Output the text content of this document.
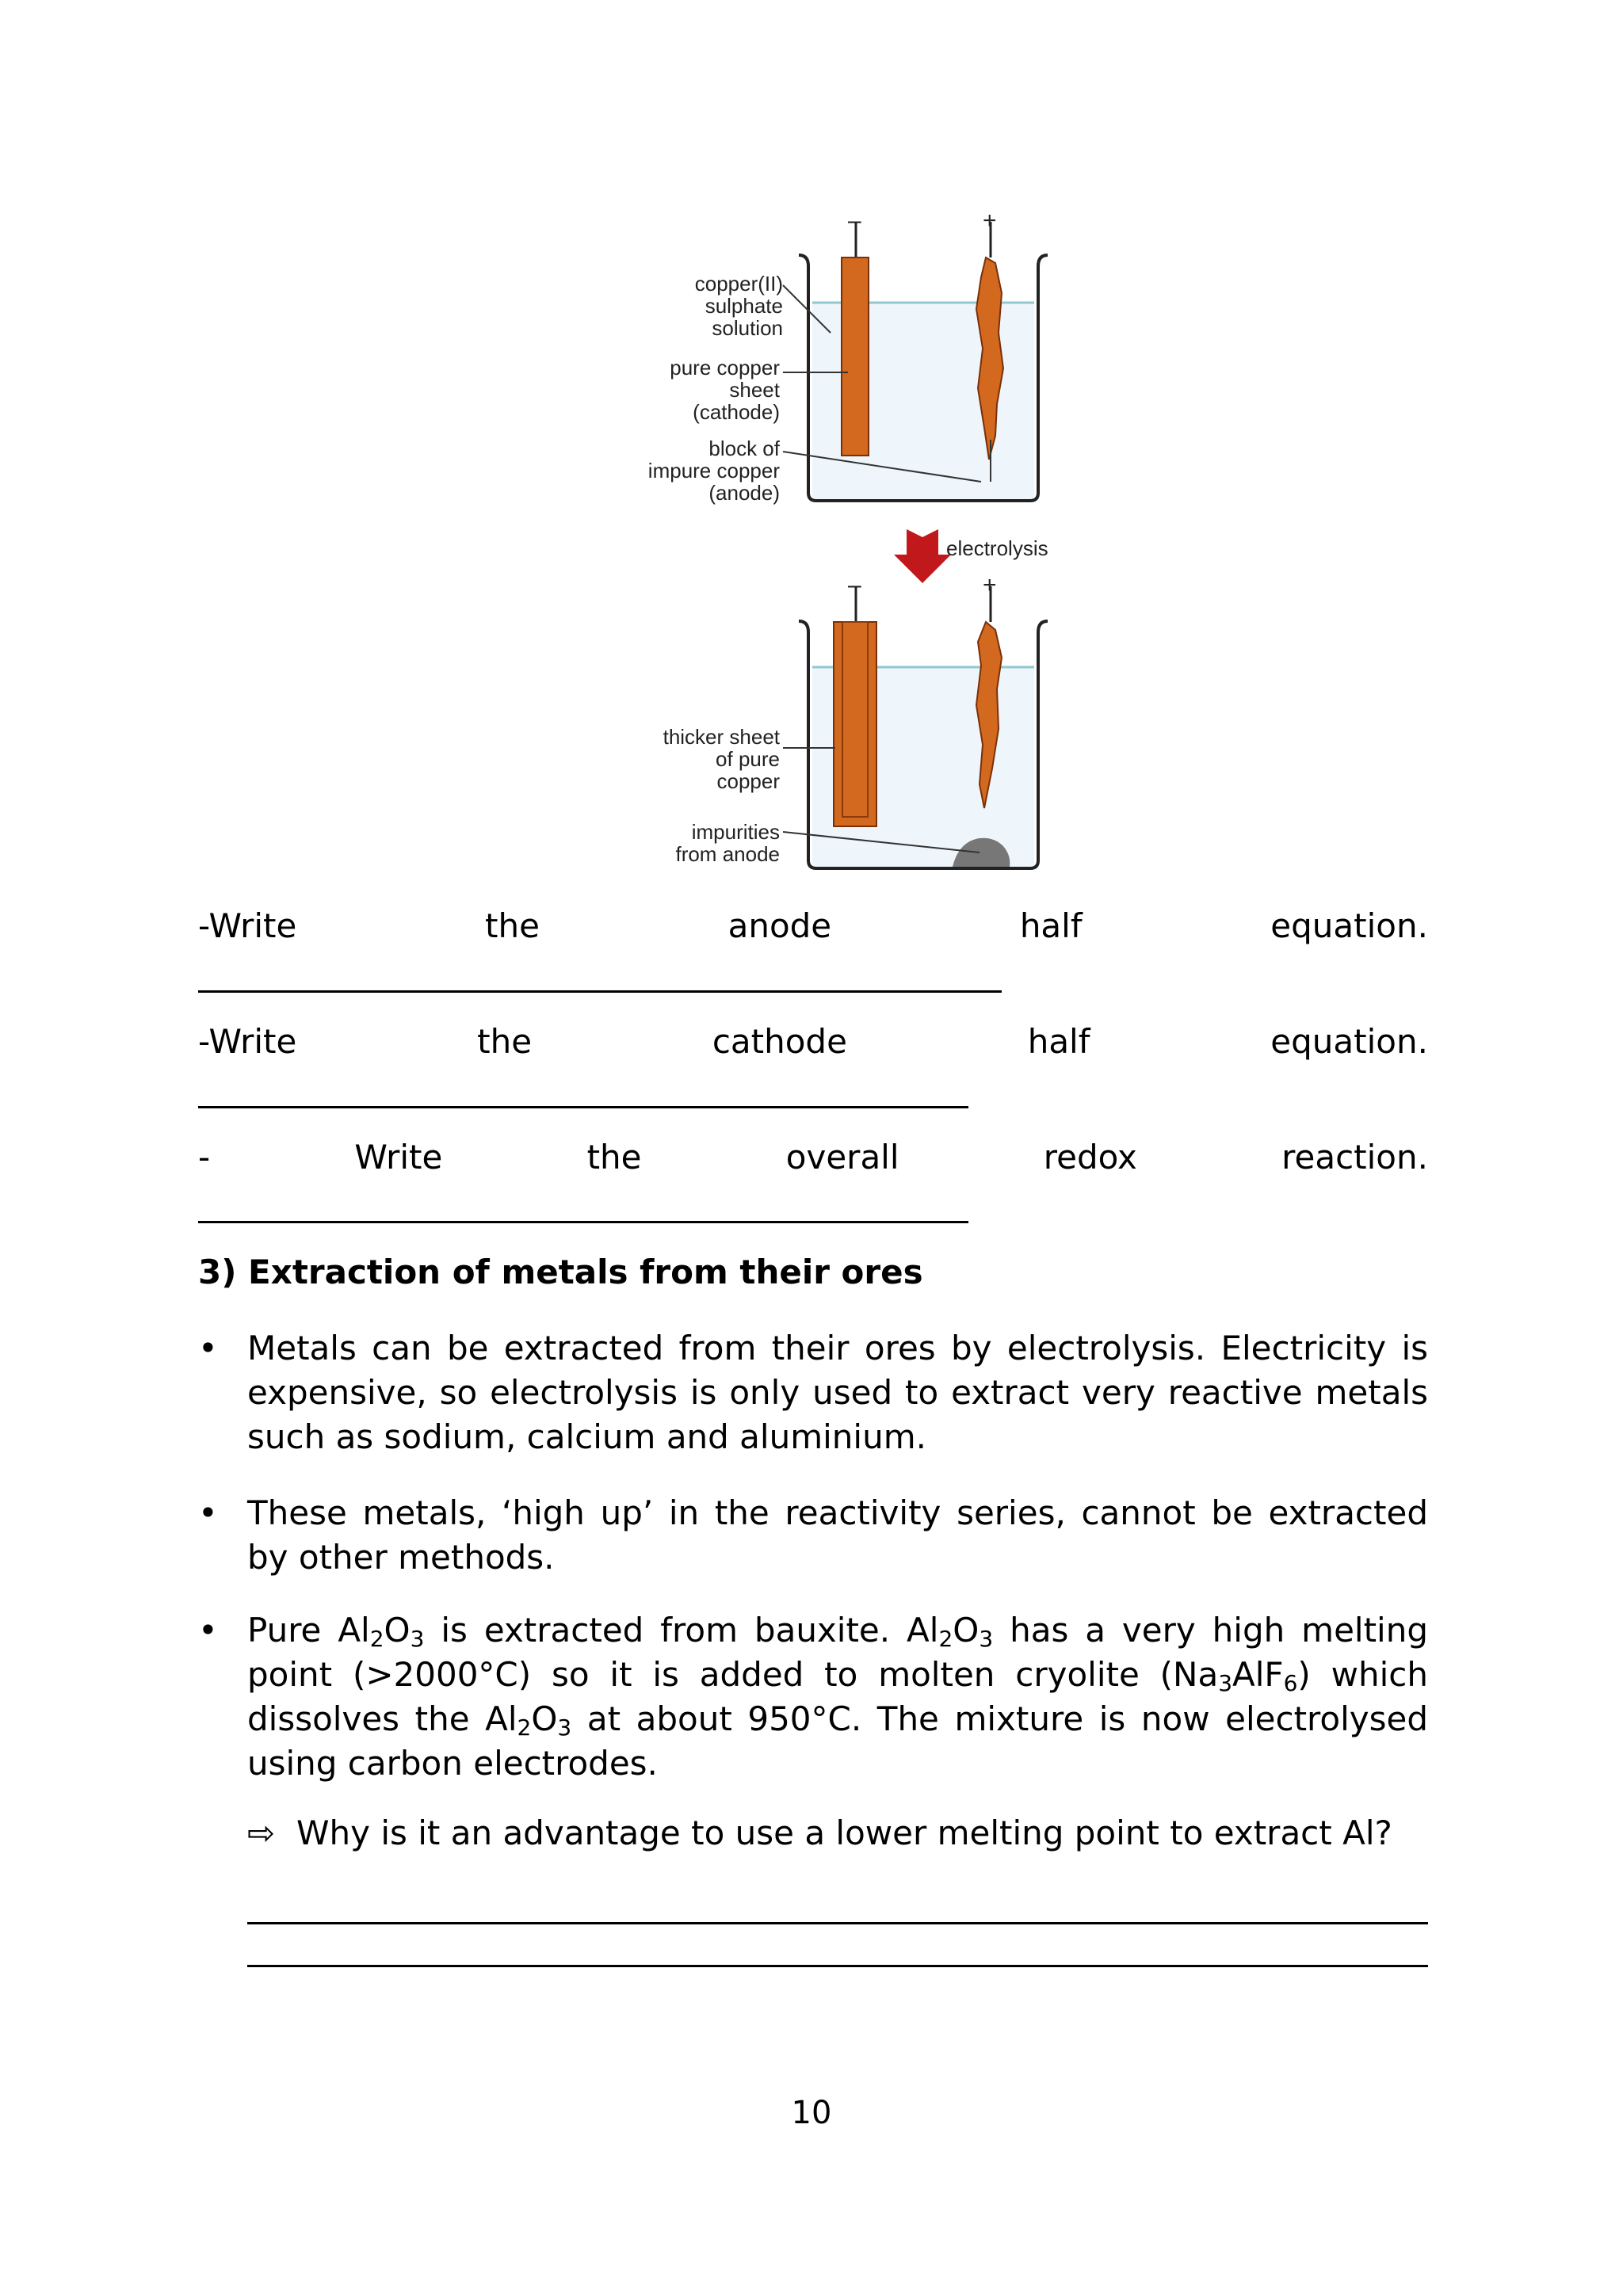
–	+
copper(II)
sulphate
solution
pure copper
sheet
(cathode)
block of
impure copper
(anode)
electrolysis
–	+
thicker sheet
of pure
copper
impurities
from anode
-Write	the	anode	half	equation.
-Write	the	cathode	half	equation.
-	Write	the	overall	redox	reaction.
3) Extraction of metals from their ores
• Metals can be extracted from their ores by electrolysis. Electricity is expensive, so electrolysis is only used to extract very reactive metals such as sodium, calcium and aluminium.
• These metals, ‘high up’ in the reactivity series, cannot be extracted by other methods.
• Pure $Al_2O_3$ is extracted from bauxite. $Al_2O_3$ has a very high melting point (>2000°C) so it is added to molten cryolite $(Na_3AlF_6)$ which dissolves the $Al_2O_3$ at about 950°C. The mixture is now electrolysed using carbon electrodes.
⇨ Why is it an advantage to use a lower melting point to extract Al?
10
